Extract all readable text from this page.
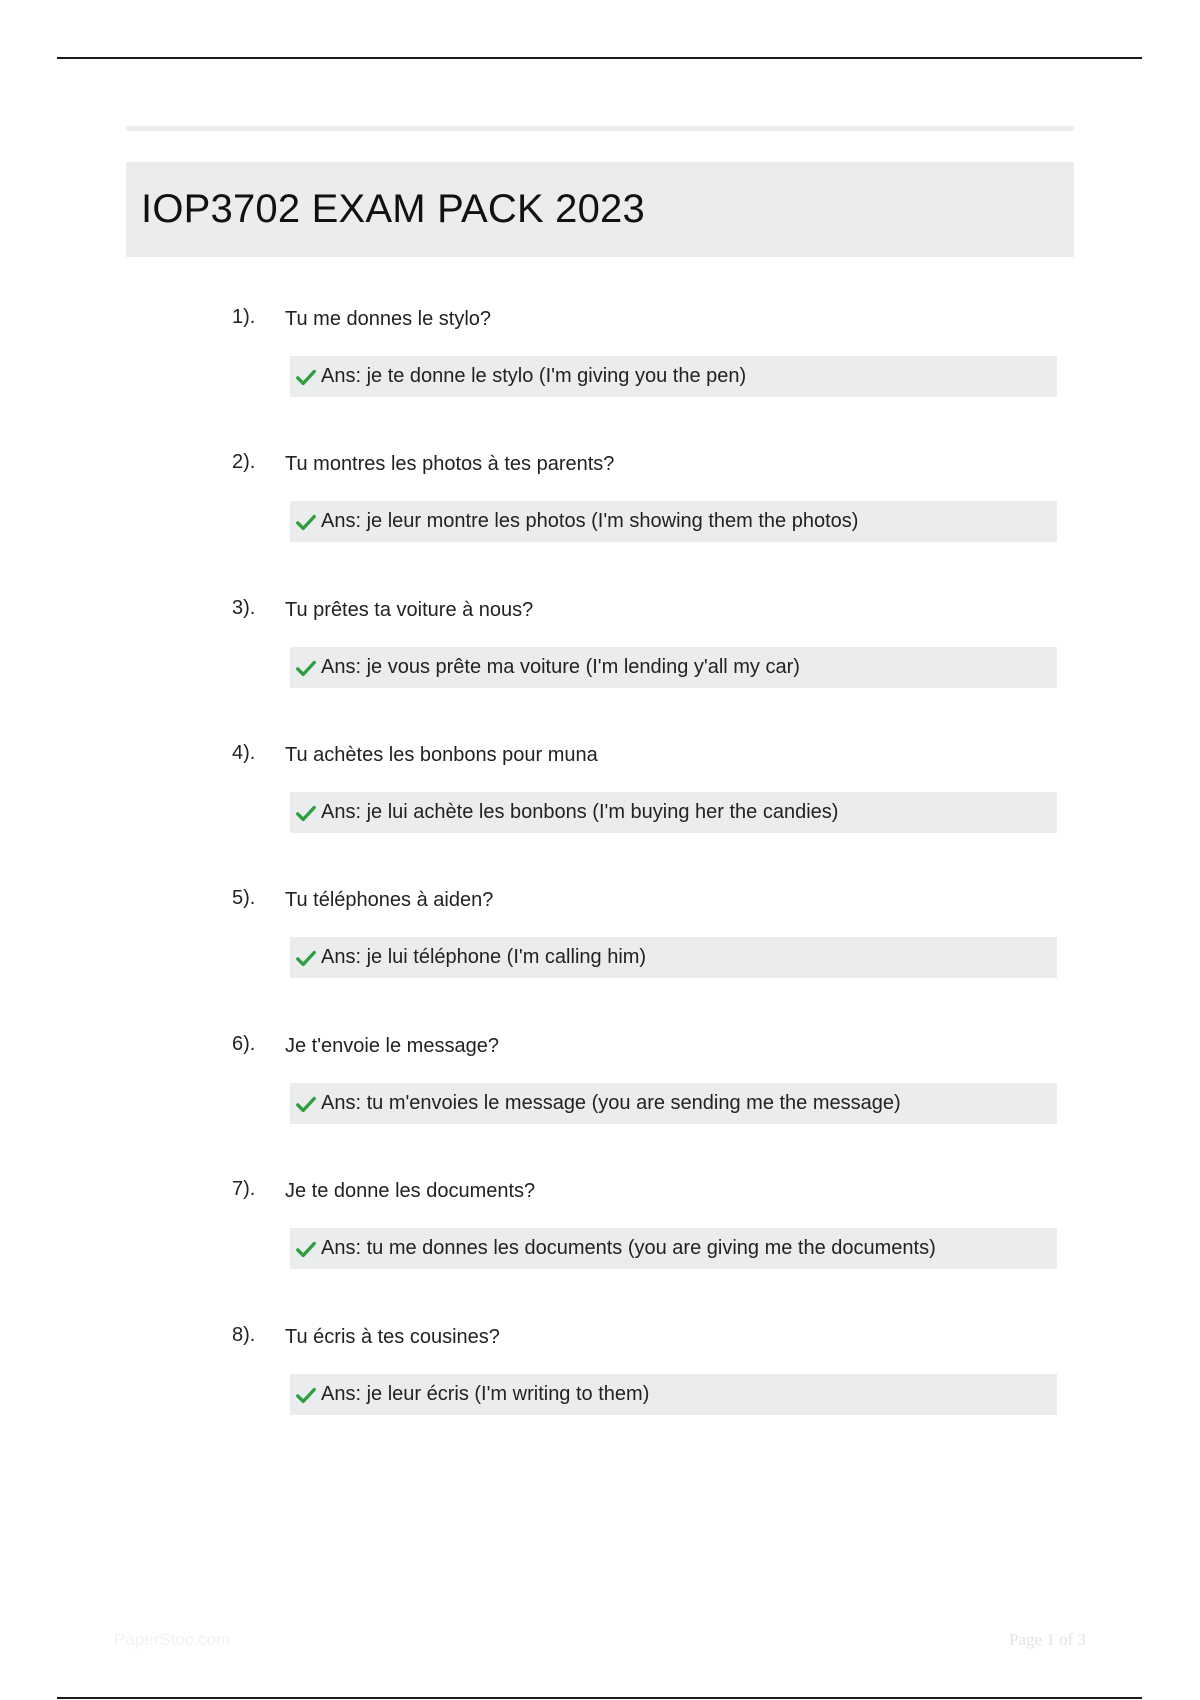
IOP3702 EXAM PACK 2023
1). Tu me donnes le stylo?
Ans: je te donne le stylo (I'm giving you the pen)
2). Tu montres les photos à tes parents?
Ans: je leur montre les photos (I'm showing them the photos)
3). Tu prêtes ta voiture à nous?
Ans: je vous prête ma voiture (I'm lending y'all my car)
4). Tu achètes les bonbons pour muna
Ans: je lui achète les bonbons (I'm buying her the candies)
5). Tu téléphones à aiden?
Ans: je lui téléphone (I'm calling him)
6). Je t'envoie le message?
Ans: tu m'envoies le message (you are sending me the message)
7). Je te donne les documents?
Ans: tu me donnes les documents (you are giving me the documents)
8). Tu écris à tes cousines?
Ans: je leur écris (I'm writing to them)
PaperStoc.com	Page 1 of 3
